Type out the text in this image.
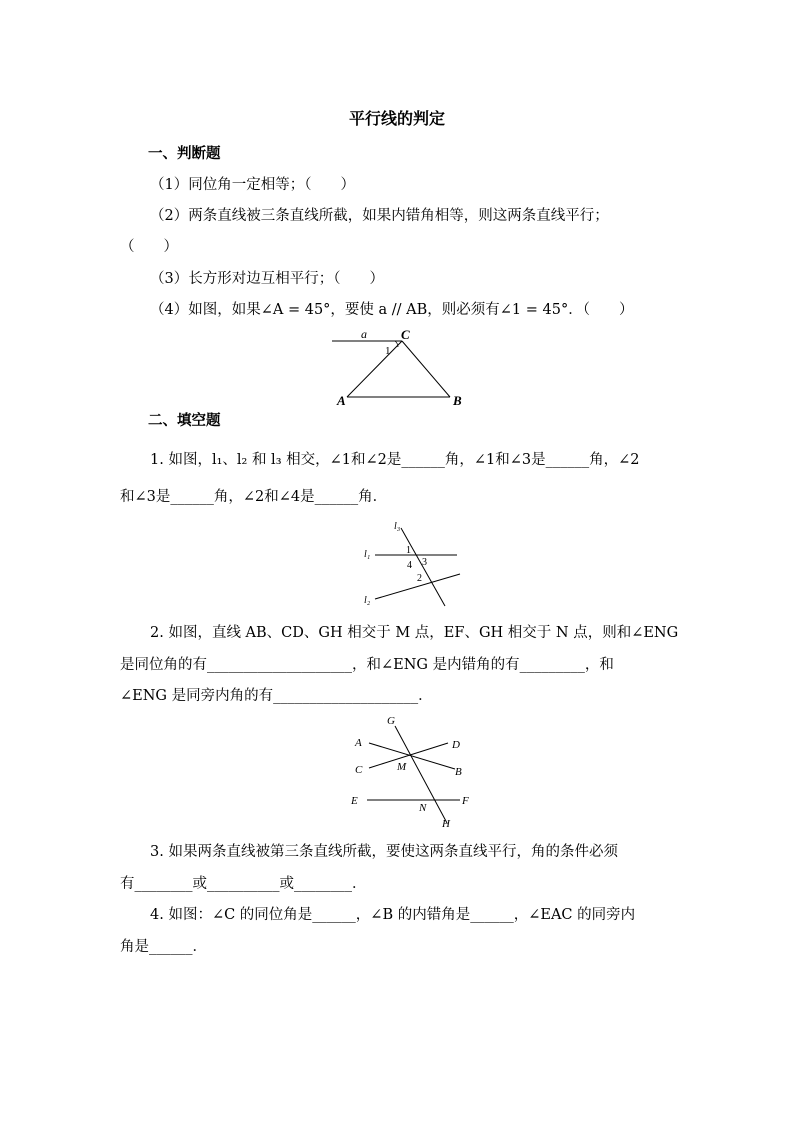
平行线的判定
一、判断题
（1）同位角一定相等；（　　）
（2）两条直线被三条直线所截，如果内错角相等，则这两条直线平行；
（　　）
（3）长方形对边互相平行；（　　）
（4）如图，如果∠A = 45°，要使 a // AB，则必须有∠1 = 45°．（　　）
a	C
1
A	B
二、填空题
1. 如图，l₁、l₂ 和 l₃ 相交，∠1和∠2是______角，∠1和∠3是______角，∠2
和∠3是______角，∠2和∠4是______角．
l₃
l₁
l₂
1
4 3
2
2. 如图，直线 AB、CD、GH 相交于 M 点，EF、GH 相交于 N 点，则和∠ENG
是同位角的有____________________，和∠ENG 是内错角的有_________，和
∠ENG 是同旁内角的有____________________．
G
A	D
C	M	B
E
N
F
H
3. 如果两条直线被第三条直线所截，要使这两条直线平行，角的条件必须
有________或__________或________．
4. 如图：∠C 的同位角是______，∠B 的内错角是______，∠EAC 的同旁内
角是______．
